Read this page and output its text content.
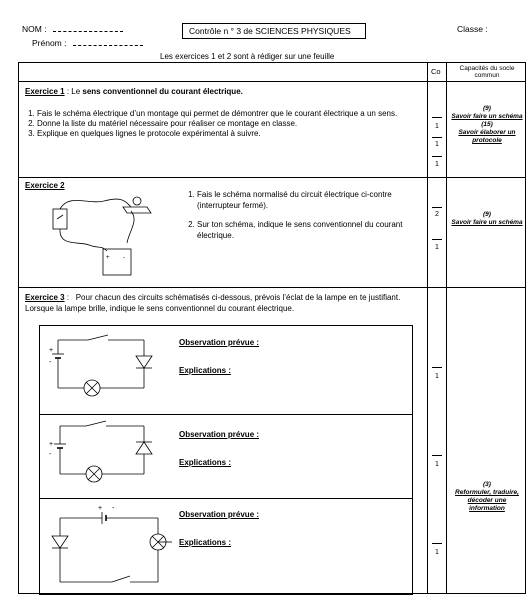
NOM :
Prénom :
Contrôle n ° 3 de SCIENCES PHYSIQUES	Classe :
Les exercices 1 et 2 sont à rédiger sur une feuille
Co	Capacités du socle commun
Exercice 1 : Le sens conventionnel du courant électrique.
1. Fais le schéma électrique d’un montage qui permet de démontrer que le courant électrique a un sens.
2. Donne la liste du matériel nécessaire pour réaliser ce montage en classe.
3. Explique en quelques lignes le protocole expérimental à suivre.
1
1
1
(9)
Savoir faire un schéma
(15)
Savoir élaborer un protocole
Exercice 2
+ -
1. Fais le schéma normalisé du circuit électrique ci-contre (interrupteur fermé).
2. Sur ton schéma, indique le sens conventionnel du courant électrique.
2
1
(9)
Savoir faire un schéma
Exercice 3 :   Pour chacun des circuits schématisés ci-dessous, prévois l’éclat de la lampe en te justifiant. Lorsque la lampe brille, indique le sens conventionnel du courant électrique.
+
-
Observation prévue :
Explications :
+
-
Observation prévue :
Explications :
+ -
Observation prévue :
Explications :
1
1
1
(3)
Reformuler, traduire, décoder une information
